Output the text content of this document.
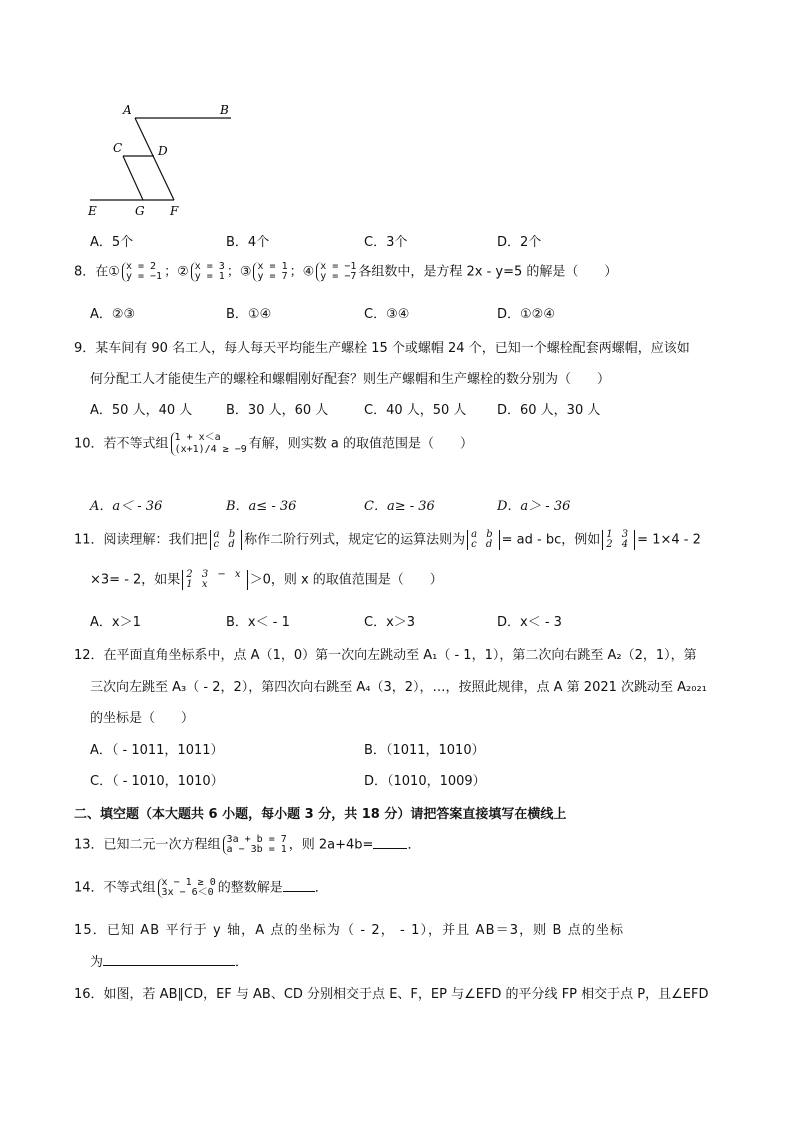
A	B
C	D
E	G F
A．5个	B．4个	C．3个	D．2个
8．在① x = 2
y = −1 ；② x = 3
y = 1 ；③ x = 1
y = 7 ；④ x = −1
y = −7 各组数中，是方程 2x - y=5 的解是（　　）
A．②③	B．①④	C．③④	D．①②④
9．某车间有 90 名工人，每人每天平均能生产螺栓 15 个或螺帽 24 个，已知一个螺栓配套两螺帽，应该如
何分配工人才能使生产的螺栓和螺帽刚好配套？则生产螺帽和生产螺栓的数分别为（　　）
A．50 人，40 人	B．30 人，60 人	C．40 人，50 人 D．60 人，30 人
10．若不等式组 1 + x＜a
(x+1)/4 ≥ −9 有解，则实数 a 的取值范围是（　　）
A．a＜ - 36	B．a≤ - 36	C．a≥ - 36	D．a＞ - 36
11．阅读理解：我们把 a b
c d 称作二阶行列式，规定它的运算法则为 a b
c d = ad - bc，例如 1 3
2 4 = 1×4 - 2
×3= - 2，如果 2 3 − x
1 x	＞0，则 x 的取值范围是（　　）
A．x＞1	B．x＜ - 1	C．x＞3	D．x＜ - 3
12．在平面直角坐标系中，点 A（1，0）第一次向左跳动至 A₁（ - 1，1），第二次向右跳至 A₂（2，1），第
三次向左跳至 A₃（ - 2，2），第四次向右跳至 A₄（3，2），…，按照此规律，点 A 第 2021 次跳动至 A₂₀₂₁
的坐标是（　　）
A．（ - 1011，1011）	B．（1011，1010）
C．（ - 1010，1010）	D．（1010，1009）
二、填空题（本大题共 6 小题，每小题 3 分，共 18 分）请把答案直接填写在横线上
13．已知二元一次方程组 3a + b = 7
a − 3b = 1 ，则 2a+4b=	．
14．不等式组 x − 1 ≥ 0
3x − 6＜0 的整数解是 ．
15．已知 AB 平行于 y 轴，A 点的坐标为（ - 2， - 1），并且 AB＝3，则 B 点的坐标
为	．
16．如图，若 AB∥CD，EF 与 AB、CD 分别相交于点 E、F，EP 与∠EFD 的平分线 FP 相交于点 P，且∠EFD
